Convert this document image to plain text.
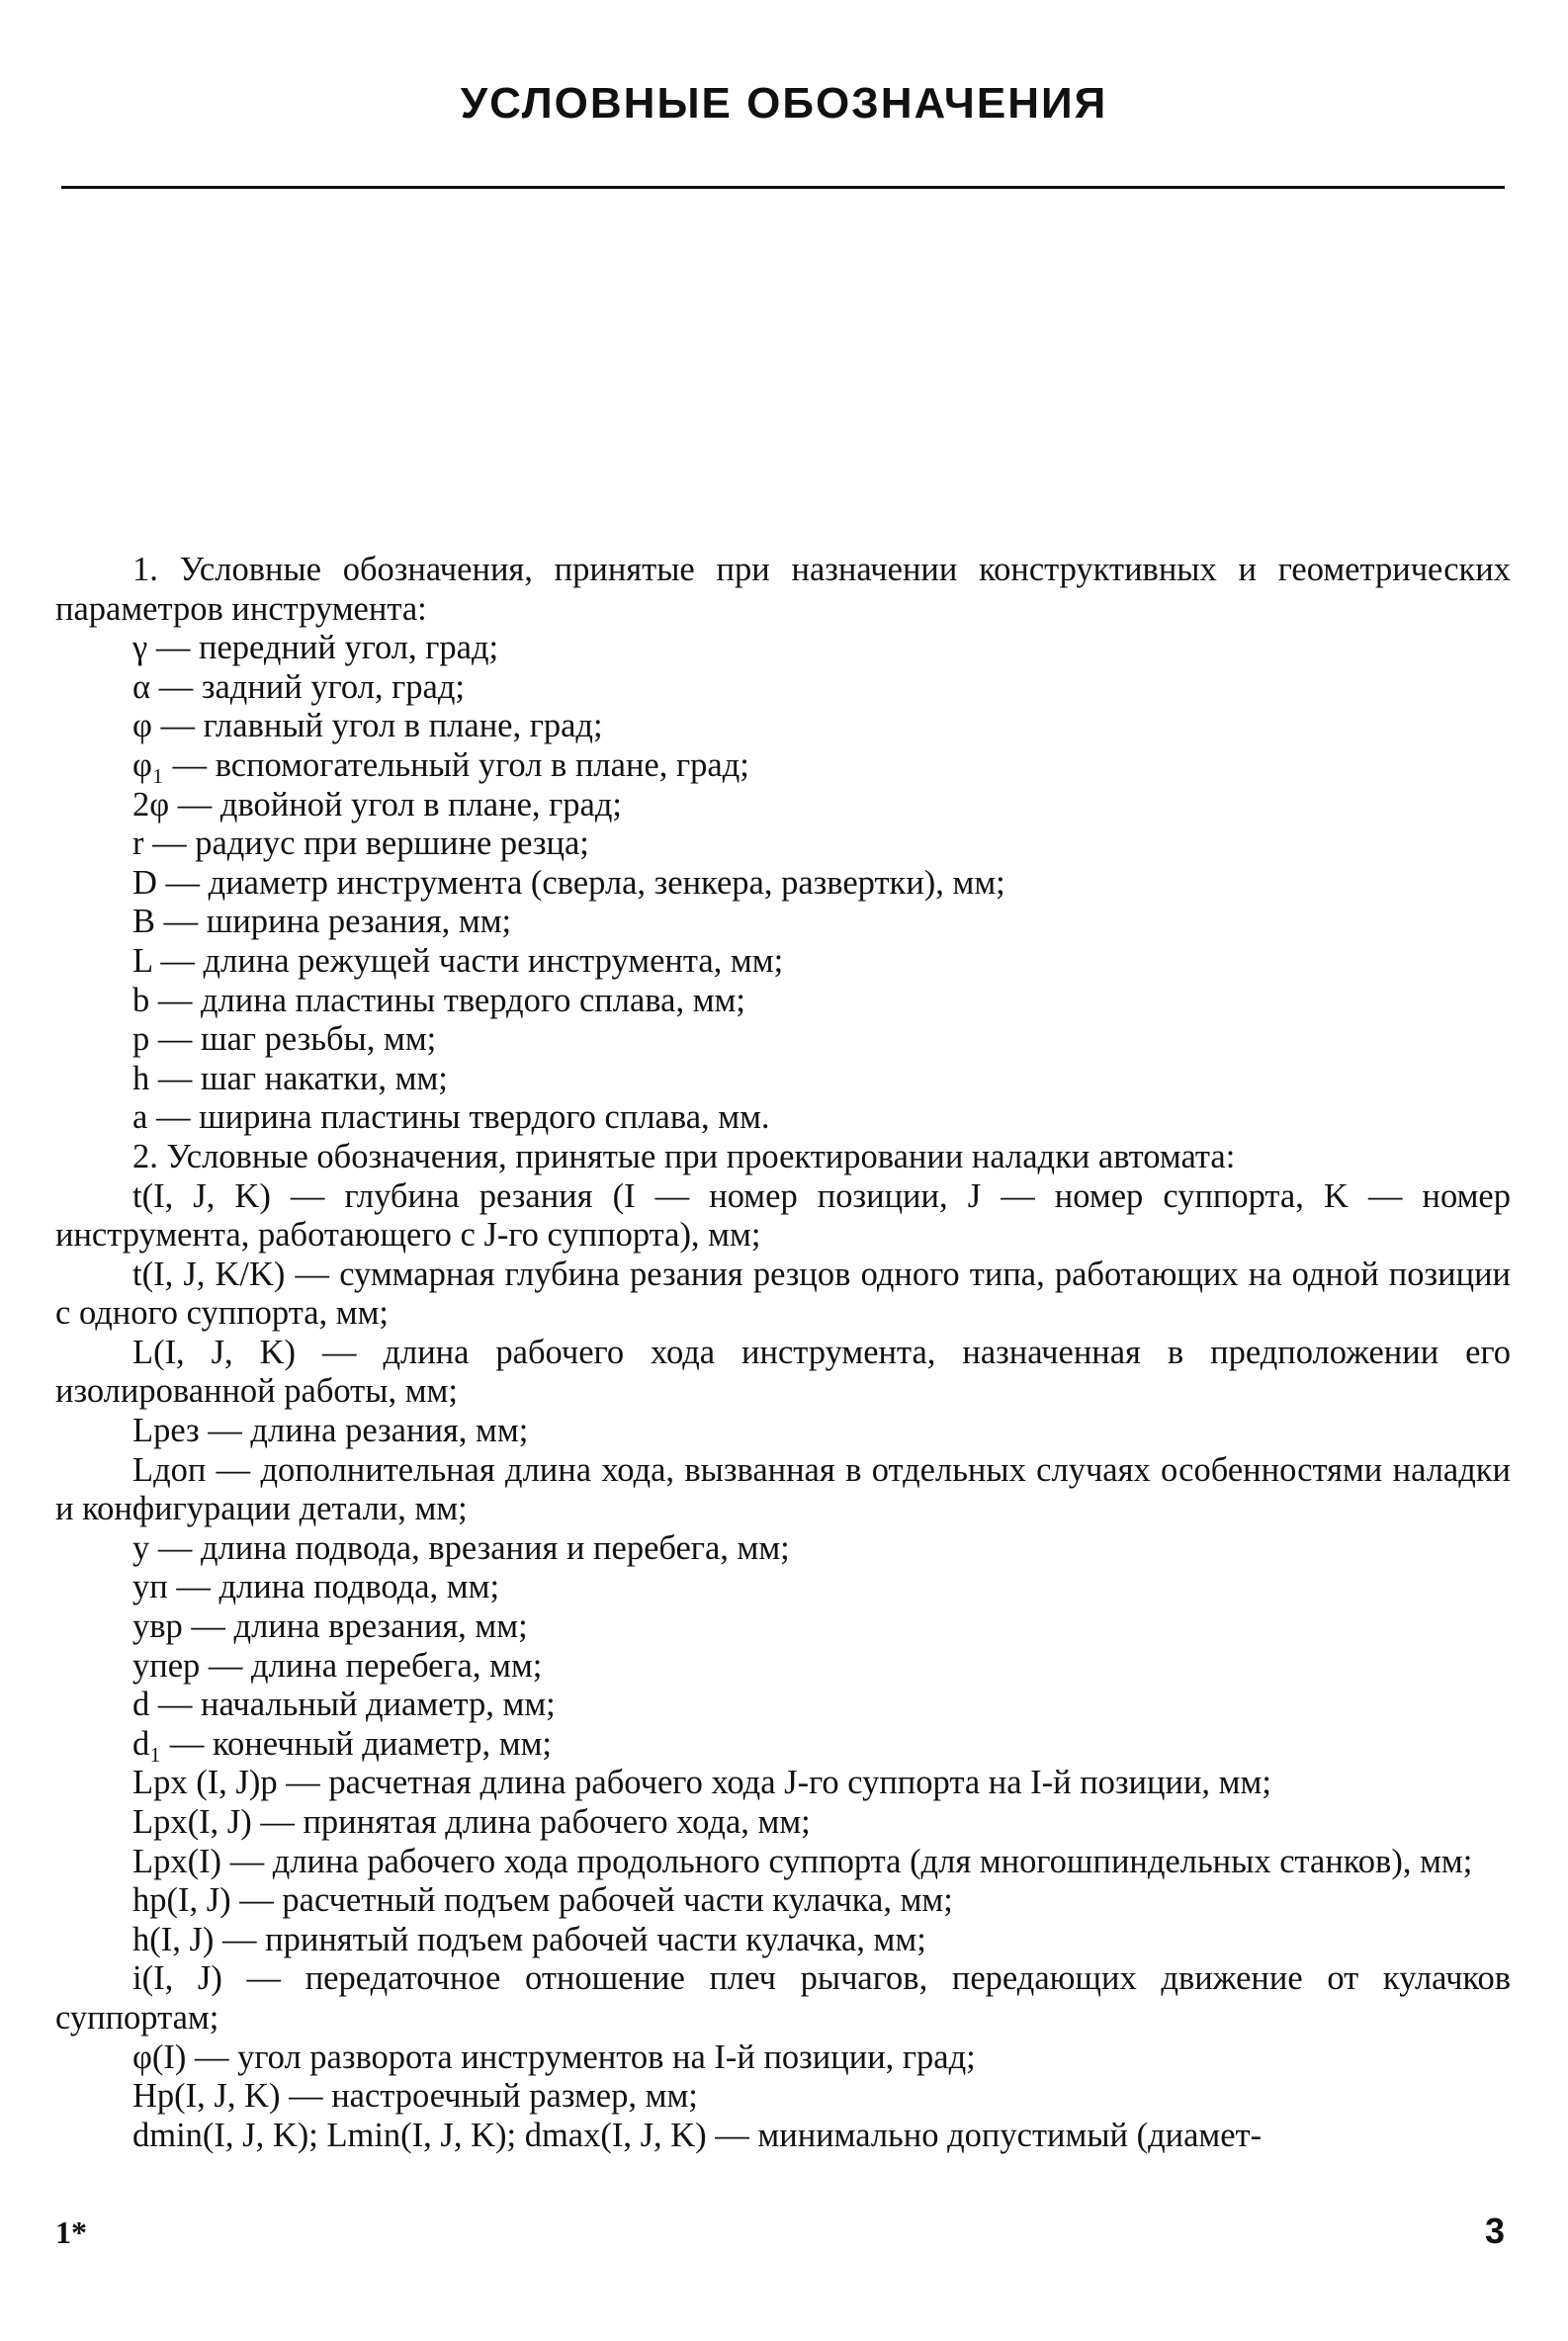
УСЛОВНЫЕ ОБОЗНАЧЕНИЯ

1. Условные обозначения, принятые при назначении конструктивных и геометрических параметров инструмента:

γ — передний угол, град;

α — задний угол, град;

φ — главный угол в плане, град;

φ₁ — вспомогательный угол в плане, град;

2φ — двойной угол в плане, град;

r — радиус при вершине резца;

D — диаметр инструмента (сверла, зенкера, развертки), мм;

B — ширина резания, мм;

L — длина режущей части инструмента, мм;

b — длина пластины твердого сплава, мм;

p — шаг резьбы, мм;

h — шаг накатки, мм;

a — ширина пластины твердого сплава, мм.

2. Условные обозначения, принятые при проектировании наладки автомата:

t(I, J, K) — глубина резания (I — номер позиции, J — номер суппорта, K — номер инструмента, работающего с J-го суппорта), мм;

t(I, J, K/K) — суммарная глубина резания резцов одного типа, работающих на одной позиции с одного суппорта, мм;

L(I, J, K) — длина рабочего хода инструмента, назначенная в предположении его изолированной работы, мм;

Lрез — длина резания, мм;

Lдоп — дополнительная длина хода, вызванная в отдельных случаях особенностями наладки и конфигурации детали, мм;

y — длина подвода, врезания и перебега, мм;

yп — длина подвода, мм;

yвр — длина врезания, мм;

yпер — длина перебега, мм;

d — начальный диаметр, мм;

d₁ — конечный диаметр, мм;

Lрх (I, J)р — расчетная длина рабочего хода J-го суппорта на I-й позиции, мм;

Lрх(I, J) — принятая длина рабочего хода, мм;

Lрх(I) — длина рабочего хода продольного суппорта (для многошпиндельных станков), мм;

hр(I, J) — расчетный подъем рабочей части кулачка, мм;

h(I, J) — принятый подъем рабочей части кулачка, мм;

i(I, J) — передаточное отношение плеч рычагов, передающих движение от кулачков суппортам;

φ(I) — угол разворота инструментов на I-й позиции, град;

Hр(I, J, K) — настроечный размер, мм;

dmin(I, J, K); Lmin(I, J, K); dmax(I, J, K) — минимально допустимый (диамет-

1*	3
